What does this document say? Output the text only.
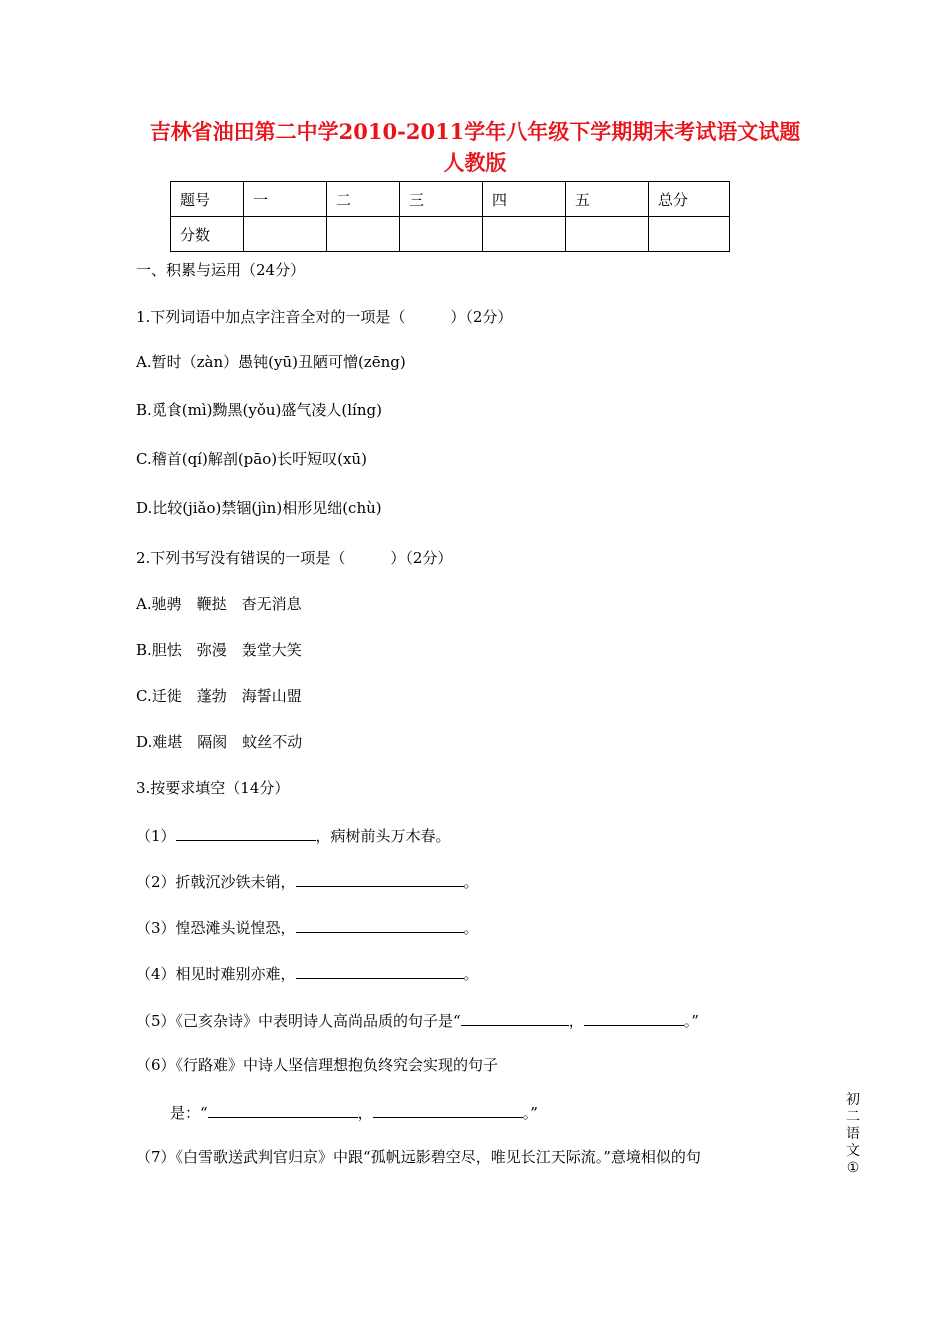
吉林省油田第二中学2010-2011学年八年级下学期期末考试语文试题
人教版
题号	一	二	三	四	五	总分
分数						
一、积累与运用（24分）
1.下列词语中加点字注音全对的一项是（　　　）（2分）
A.暂时（zàn）愚钝(yū)丑陋可憎(zēng)
B.觅食(mì)黝黑(yǒu)盛气凌人(líng)
C.稽首(qí)解剖(pāo)长吁短叹(xū)
D.比较(jiǎo)禁锢(jìn)相形见绌(chù)
2.下列书写没有错误的一项是（　　　）（2分）
A.驰骋　鞭挞　杳无消息
B.胆怯　弥漫　轰堂大笑
C.迁徙　蓬勃　海誓山盟
D.难堪　隔阂　蚊丝不动
3.按要求填空（14分）
（1）	，病树前头万木春。
（2）折戟沉沙铁未销，	。
（3）惶恐滩头说惶恐，	。
（4）相见时难别亦难，	。
（5）《己亥杂诗》中表明诗人高尚品质的句子是“	，	。”
（6）《行路难》中诗人坚信理想抱负终究会实现的句子
是：“	，	。”
（7）《白雪歌送武判官归京》中跟“孤帆远影碧空尽，唯见长江天际流。”意境相似的句
初
二
语
文
①
